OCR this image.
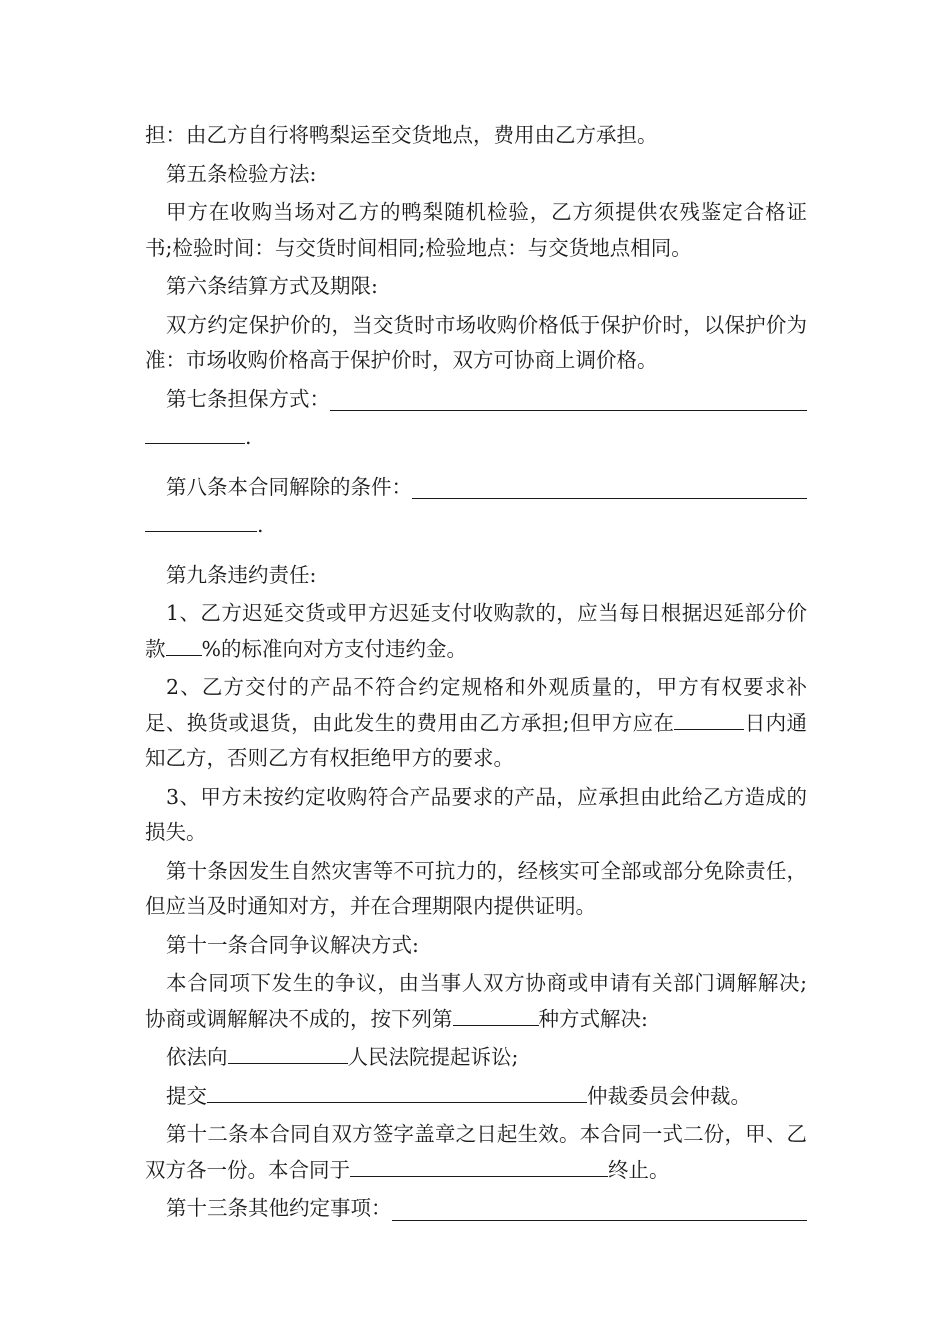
担：由乙方自行将鸭梨运至交货地点，费用由乙方承担。

第五条检验方法:

甲方在收购当场对乙方的鸭梨随机检验，乙方须提供农残鉴定合格证书;检验时间：与交货时间相同;检验地点：与交货地点相同。

第六条结算方式及期限:

双方约定保护价的，当交货时市场收购价格低于保护价时，以保护价为准：市场收购价格高于保护价时，双方可协商上调价格。

第七条担保方式：

.

第八条本合同解除的条件：

.

第九条违约责任:

1、乙方迟延交货或甲方迟延支付收购款的，应当每日根据迟延部分价款 %的标准向对方支付违约金。

2、乙方交付的产品不符合约定规格和外观质量的，甲方有权要求补足、换货或退货，由此发生的费用由乙方承担;但甲方应在	日内通知乙方，否则乙方有权拒绝甲方的要求。

3、甲方未按约定收购符合产品要求的产品，应承担由此给乙方造成的损失。

第十条因发生自然灾害等不可抗力的，经核实可全部或部分免除责任，但应当及时通知对方，并在合理期限内提供证明。

第十一条合同争议解决方式:

本合同项下发生的争议，由当事人双方协商或申请有关部门调解解决;协商或调解解决不成的，按下列第	种方式解决:

依法向	人民法院提起诉讼;

提交	仲裁委员会仲裁。

第十二条本合同自双方签字盖章之日起生效。本合同一式二份，甲、乙双方各一份。本合同于	终止。

第十三条其他约定事项：
